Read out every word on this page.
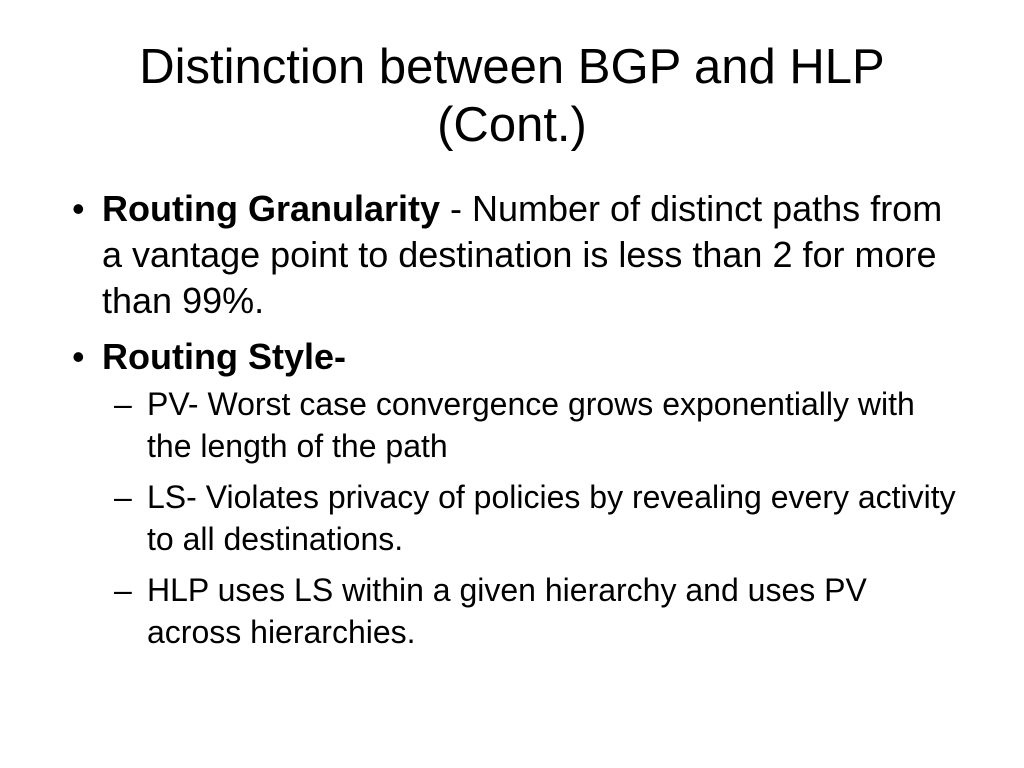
Distinction between BGP and HLP
(Cont.)
• Routing Granularity - Number of distinct paths from a vantage point to destination is less than 2 for more than 99%.
• Routing Style-
– PV- Worst case convergence grows exponentially with the length of the path
– LS- Violates privacy of policies by revealing every activity to all destinations.
– HLP uses LS within a given hierarchy and uses PV across hierarchies.
